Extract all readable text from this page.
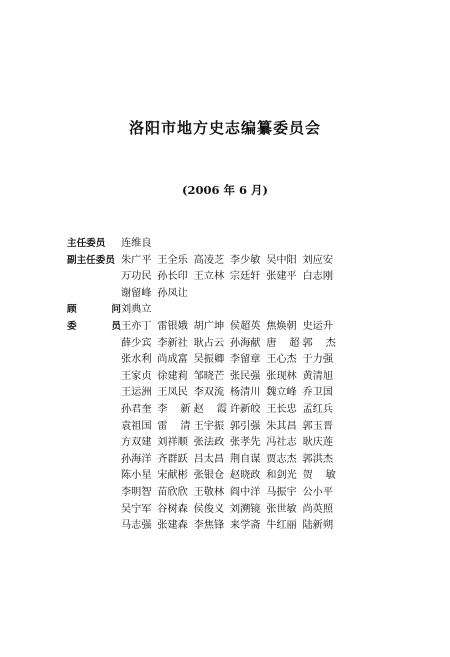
洛阳市地方史志编纂委员会
(2006 年 6 月)
主任委员	连维良
副主任委员 朱广平 王全乐 高凌芝 李少敏 吴中阳 刘应安
万功民 孙长印 王立林 宗廷轩 张建平 白志刚
谢留峰 孙凤让
顾	问 刘典立
委	员 王亦丁 雷银娥 胡广坤 侯超英 焦焕朝 史运升
薛少宾 李新社 耿占云 孙海献 唐 超 郭 杰
张水利 尚成富 吴振卿 李留章 王心杰 于力强
王家贞 徐建莉 邹晓芒 张民强 张现林 黄清旭
王运洲 王凤民 李双流 杨清川 魏立峰 乔卫国
孙君奎 李 新 赵 霞 许新皎 王长忠 孟红兵
袁祖国 雷 清 王宇振 郭引强 朱其昌 郭玉晋
方双建 刘祥顺 张法政 张孝先 冯社志 耿庆莲
孙海洋 齐群跃 吕太昌 荆自谋 贾志杰 郭洪杰
陈小星 宋献彬 张银仓 赵晓政 和剑光 贺 敏
李明智 苗欣欣 王敬林 阎中洋 马振宇 公小平
吴宁军 谷树森 侯俊义 刘溯镜 张世敏 尚英照
马志强 张建森 李焦锋 来学斋 牛红丽 陆新朔
